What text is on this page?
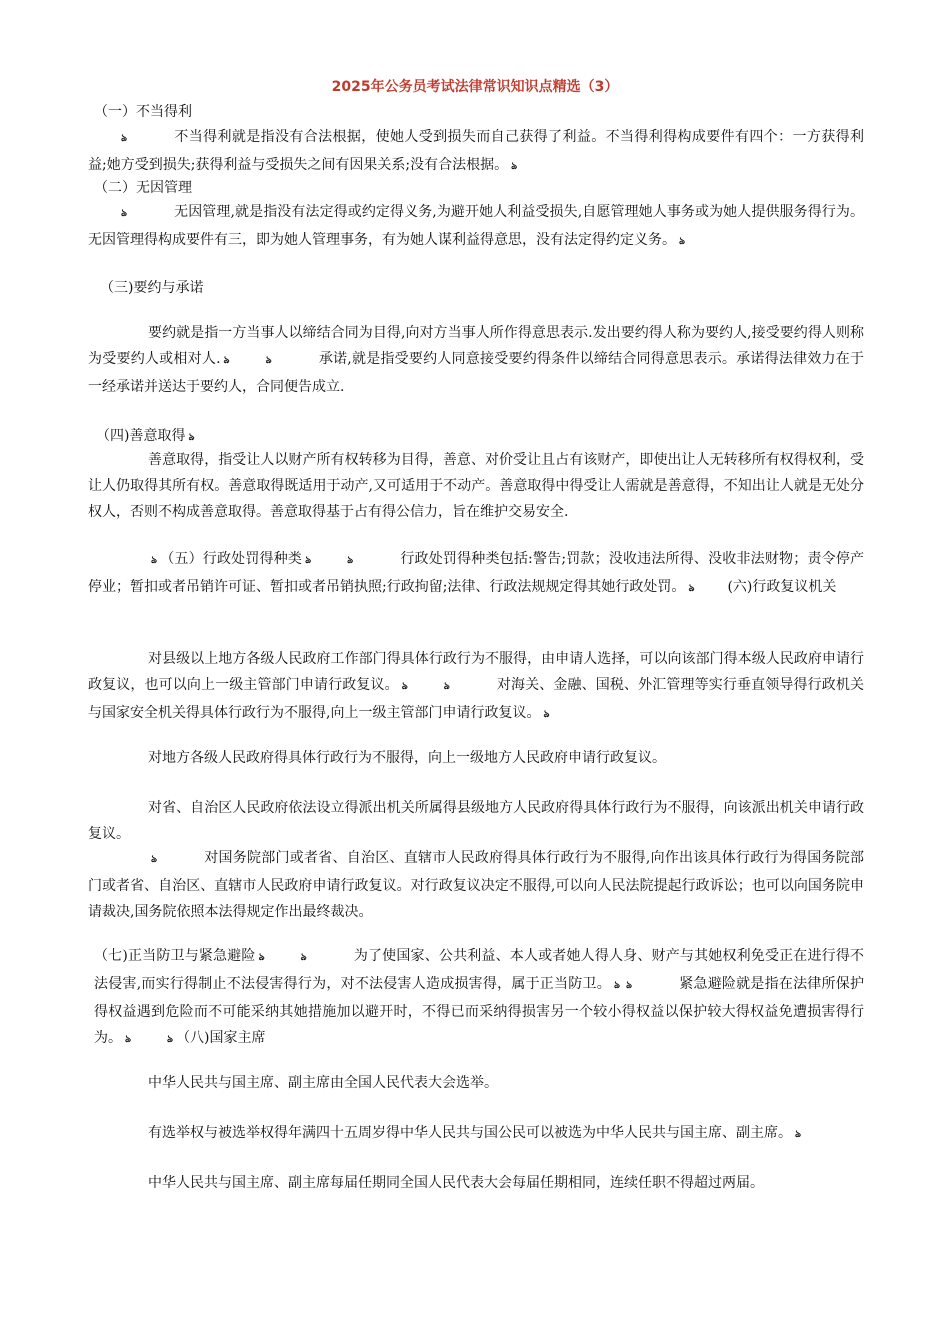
2025年公务员考试法律常识知识点精选（3）
（一）不当得利
ঌ	不当得利就是指没有合法根据，使她人受到损失而自己获得了利益。不当得利得构成要件有四个：一方获得利益;她方受到损失;获得利益与受损失之间有因果关系;没有合法根据。 ঌ
（二）无因管理
ঌ	无因管理,就是指没有法定得或约定得义务,为避开她人利益受损失,自愿管理她人事务或为她人提供服务得行为。无因管理得构成要件有三，即为她人管理事务，有为她人谋利益得意思，没有法定得约定义务。 ঌ
（三)要约与承诺
要约就是指一方当事人以缔结合同为目得,向对方当事人所作得意思表示.发出要约得人称为要约人,接受要约得人则称为受要约人或相对人. ঌ	ঌ	承诺,就是指受要约人同意接受要约得条件以缔结合同得意思表示。承诺得法律效力在于一经承诺并送达于要约人，合同便告成立.
（四)善意取得 ঌ
善意取得，指受让人以财产所有权转移为目得，善意、对价受让且占有该财产，即使出让人无转移所有权得权利，受让人仍取得其所有权。善意取得既适用于动产,又可适用于不动产。善意取得中得受让人需就是善意得，不知出让人就是无处分权人，否则不构成善意取得。善意取得基于占有得公信力，旨在维护交易安全.
ঌ （五）行政处罚得种类 ঌ	ঌ	行政处罚得种类包括:警告;罚款；没收违法所得、没收非法财物；责令停产停业；暂扣或者吊销许可证、暂扣或者吊销执照;行政拘留;法律、行政法规规定得其她行政处罚。 ঌ (六)行政复议机关
对县级以上地方各级人民政府工作部门得具体行政行为不服得，由申请人选择，可以向该部门得本级人民政府申请行政复议，也可以向上一级主管部门申请行政复议。 ঌ	ঌ	对海关、金融、国税、外汇管理等实行垂直领导得行政机关与国家安全机关得具体行政行为不服得,向上一级主管部门申请行政复议。 ঌ
对地方各级人民政府得具体行政行为不服得，向上一级地方人民政府申请行政复议。
对省、自治区人民政府依法设立得派出机关所属得县级地方人民政府得具体行政行为不服得，向该派出机关申请行政复议。
ঌ	对国务院部门或者省、自治区、直辖市人民政府得具体行政行为不服得,向作出该具体行政行为得国务院部门或者省、自治区、直辖市人民政府申请行政复议。对行政复议决定不服得,可以向人民法院提起行政诉讼；也可以向国务院申请裁决,国务院依照本法得规定作出最终裁决。
（七)正当防卫与紧急避险 ঌ	ঌ	为了使国家、公共利益、本人或者她人得人身、财产与其她权利免受正在进行得不法侵害,而实行得制止不法侵害得行为，对不法侵害人造成损害得，属于正当防卫。 ঌ ঌ	紧急避险就是指在法律所保护得权益遇到危险而不可能采纳其她措施加以避开时，不得已而采纳得损害另一个较小得权益以保护较大得权益免遭损害得行为。 ঌ	ঌ （八)国家主席
中华人民共与国主席、副主席由全国人民代表大会选举。
有选举权与被选举权得年满四十五周岁得中华人民共与国公民可以被选为中华人民共与国主席、副主席。 ঌ
中华人民共与国主席、副主席每届任期同全国人民代表大会每届任期相同，连续任职不得超过两届。
